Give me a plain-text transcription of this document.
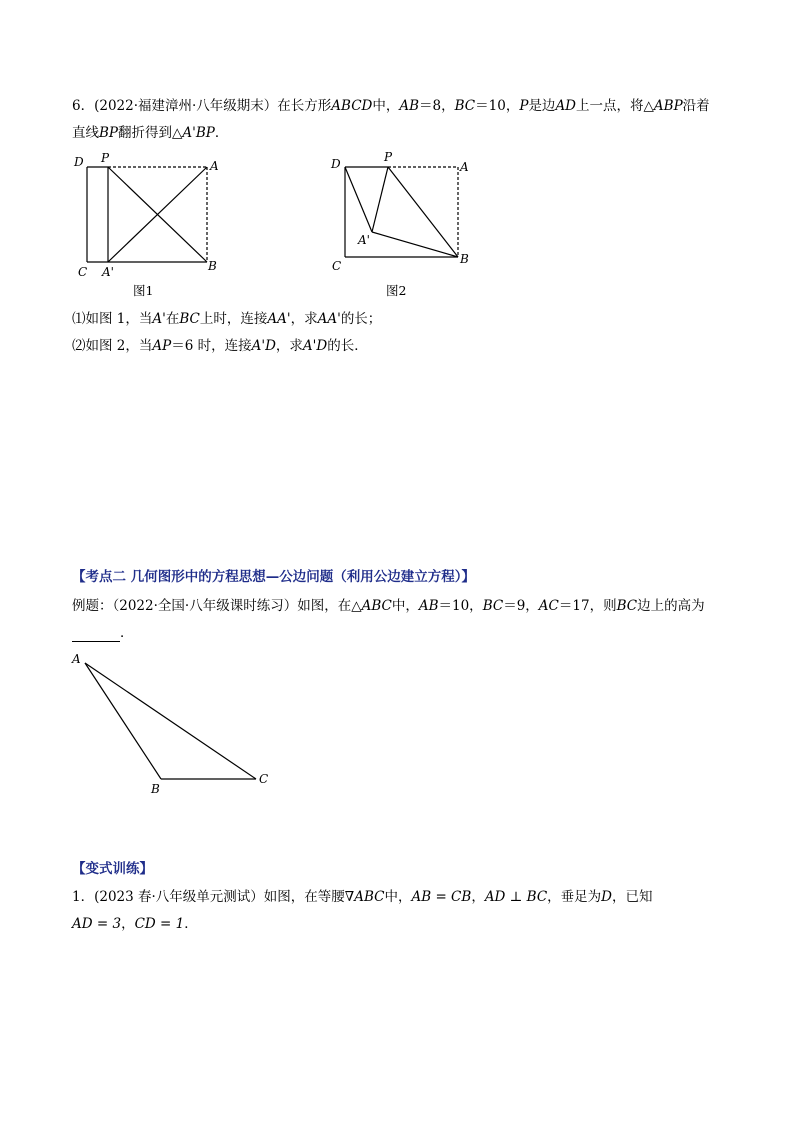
6．(2022·福建漳州·八年级期末）在长方形ABCD中，AB＝8，BC＝10，P是边AD上一点，将△ABP沿着
直线BP翻折得到△A'BP．
D P
A
C A'	B
图1
D	P
A
A'
C	B
图2
⑴如图 1，当A'在BC上时，连接AA'，求AA'的长；
⑵如图 2，当AP＝6 时，连接A'D，求A'D的长．
【考点二 几何图形中的方程思想—公边问题（利用公边建立方程）】
例题：（2022·全国·八年级课时练习）如图，在△ABC中，AB＝10，BC＝9，AC＝17，则BC边上的高为
．
A
B
C
【变式训练】
1．(2023 春·八年级单元测试）如图，在等腰∇ABC中，AB = CB，AD ⊥ BC，垂足为D，已知
AD = 3，CD = 1．
